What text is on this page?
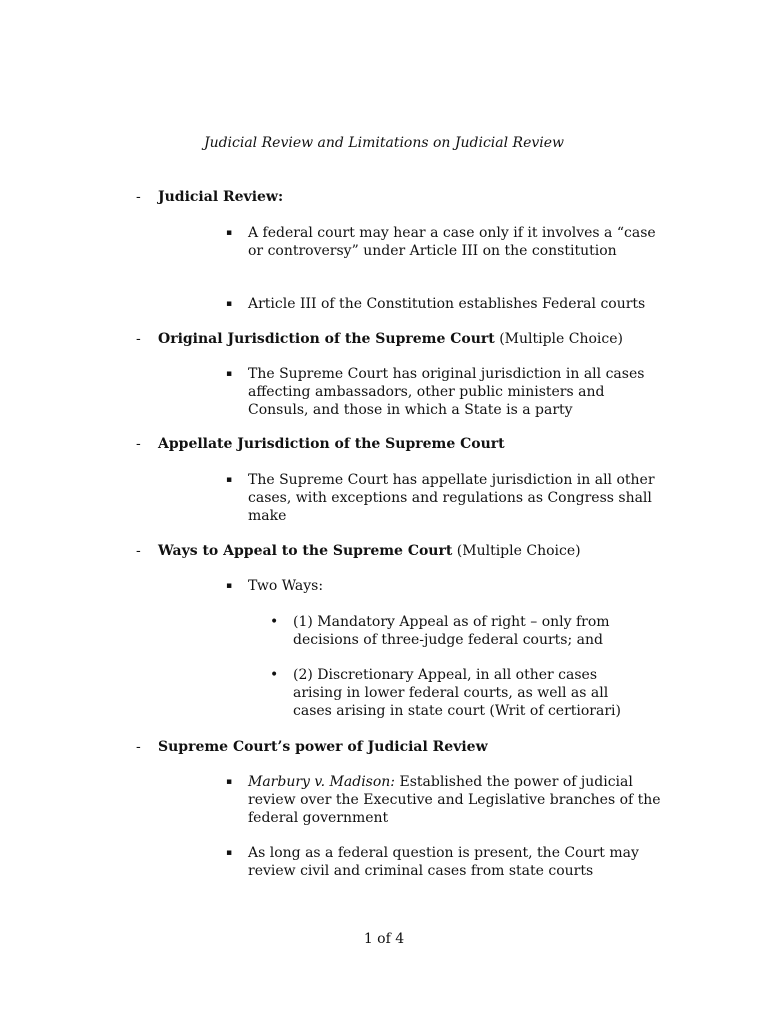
Judicial Review and Limitations on Judicial Review
- Judicial Review:
▪ A federal court may hear a case only if it involves a “case or controversy” under Article III on the constitution
▪ Article III of the Constitution establishes Federal courts
- Original Jurisdiction of the Supreme Court (Multiple Choice)
▪ The Supreme Court has original jurisdiction in all cases affecting ambassadors, other public ministers and Consuls, and those in which a State is a party
- Appellate Jurisdiction of the Supreme Court
▪ The Supreme Court has appellate jurisdiction in all other cases, with exceptions and regulations as Congress shall make
- Ways to Appeal to the Supreme Court (Multiple Choice)
▪ Two Ways:
• (1) Mandatory Appeal as of right – only from decisions of three-judge federal courts; and
• (2) Discretionary Appeal, in all other cases arising in lower federal courts, as well as all cases arising in state court (Writ of certiorari)
- Supreme Court’s power of Judicial Review
▪ Marbury v. Madison: Established the power of judicial review over the Executive and Legislative branches of the federal government
▪ As long as a federal question is present, the Court may review civil and criminal cases from state courts
1 of 4
